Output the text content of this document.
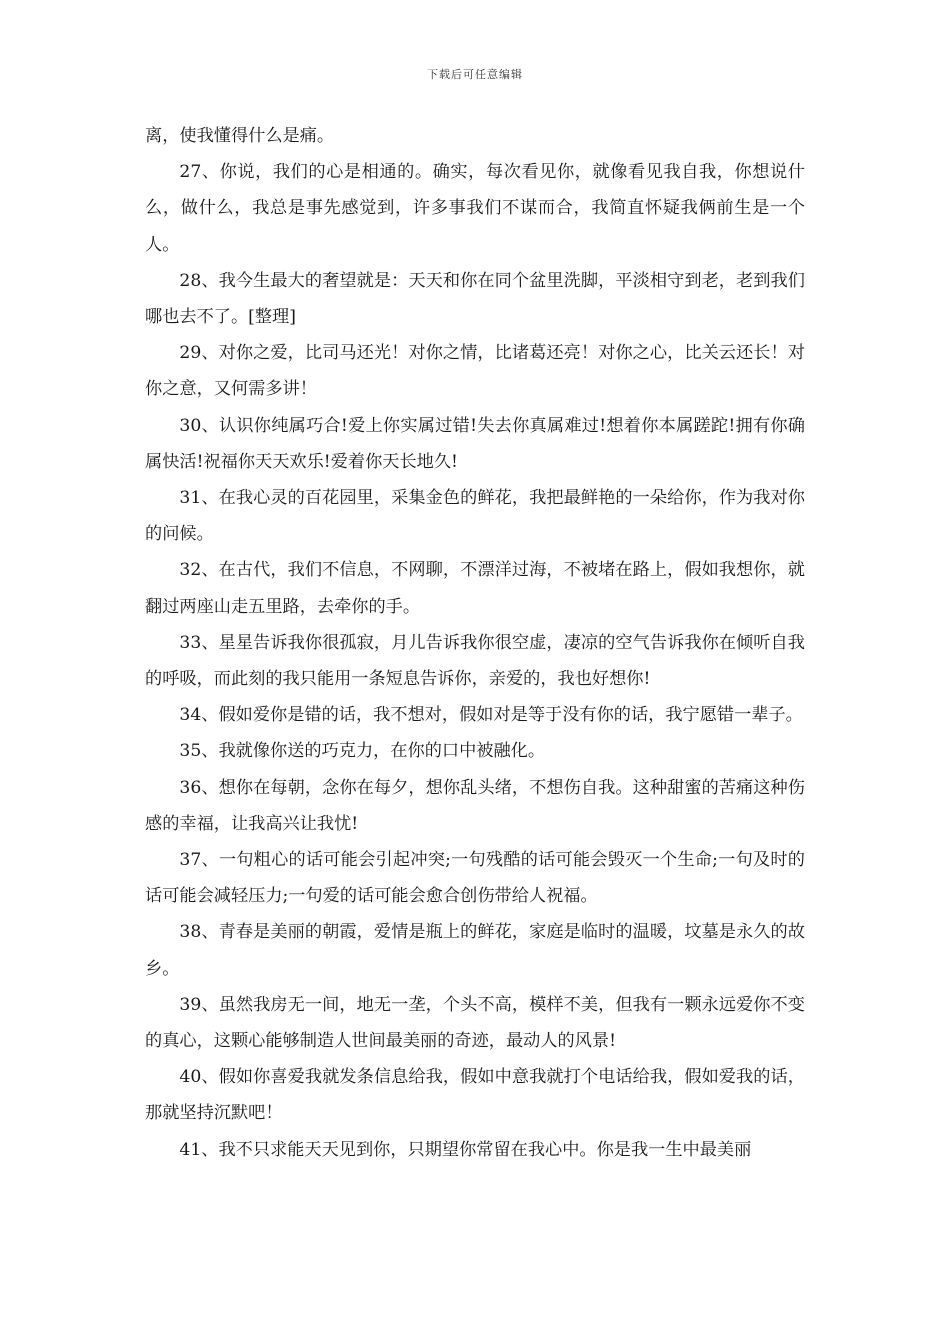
下载后可任意编辑

离，使我懂得什么是痛。

27、你说，我们的心是相通的。确实，每次看见你，就像看见我自我，你想说什么，做什么，我总是事先感觉到，许多事我们不谋而合，我简直怀疑我俩前生是一个人。

28、我今生最大的奢望就是：天天和你在同个盆里洗脚，平淡相守到老，老到我们哪也去不了。[整理]

29、对你之爱，比司马还光！对你之情，比诸葛还亮！对你之心，比关云还长！对你之意，又何需多讲！

30、认识你纯属巧合!爱上你实属过错!失去你真属难过!想着你本属蹉跎!拥有你确属快活!祝福你天天欢乐!爱着你天长地久!

31、在我心灵的百花园里，采集金色的鲜花，我把最鲜艳的一朵给你，作为我对你的问候。

32、在古代，我们不信息，不网聊，不漂洋过海，不被堵在路上，假如我想你，就翻过两座山走五里路，去牵你的手。

33、星星告诉我你很孤寂，月儿告诉我你很空虚，凄凉的空气告诉我你在倾听自我的呼吸，而此刻的我只能用一条短息告诉你，亲爱的，我也好想你!

34、假如爱你是错的话，我不想对，假如对是等于没有你的话，我宁愿错一辈子。

35、我就像你送的巧克力，在你的口中被融化。

36、想你在每朝，念你在每夕，想你乱头绪，不想伤自我。这种甜蜜的苦痛这种伤感的幸福，让我高兴让我忧!

37、一句粗心的话可能会引起冲突;一句残酷的话可能会毁灭一个生命;一句及时的话可能会减轻压力;一句爱的话可能会愈合创伤带给人祝福。

38、青春是美丽的朝霞，爱情是瓶上的鲜花，家庭是临时的温暖，坟墓是永久的故乡。

39、虽然我房无一间，地无一垄，个头不高，模样不美，但我有一颗永远爱你不变的真心，这颗心能够制造人世间最美丽的奇迹，最动人的风景!

40、假如你喜爱我就发条信息给我，假如中意我就打个电话给我，假如爱我的话，那就坚持沉默吧！

41、我不只求能天天见到你，只期望你常留在我心中。你是我一生中最美丽
